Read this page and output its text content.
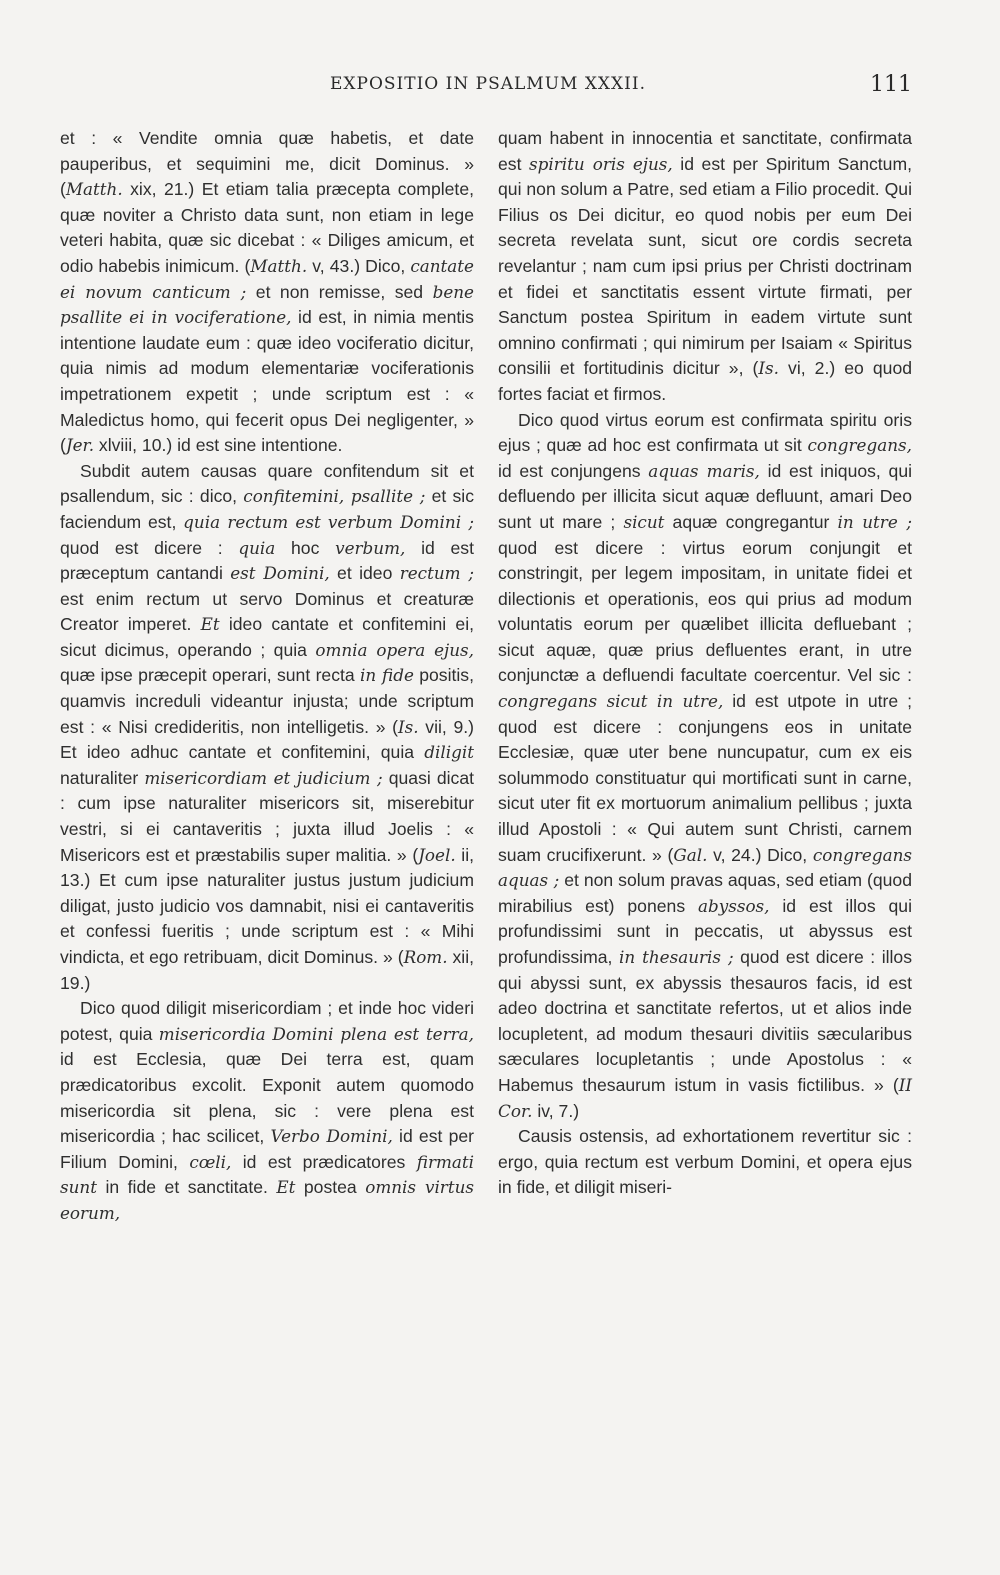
EXPOSITIO IN PSALMUM XXXII.	111

et : « Vendite omnia quæ habetis, et date pauperibus, et sequimini me, dicit Dominus. » (Matth. xix, 21.) Et etiam talia præcepta complete, quæ noviter a Christo data sunt, non etiam in lege veteri habita, quæ sic dicebat : « Diliges amicum, et odio habebis inimicum. (Matth. v, 43.) Dico, cantate ei novum canticum ; et non remisse, sed bene psallite ei in vociferatione, id est, in nimia mentis intentione laudate eum : quæ ideo vociferatio dicitur, quia nimis ad modum elementariæ vociferationis impetrationem expetit ; unde scriptum est : « Maledictus homo, qui fecerit opus Dei negligenter, » (Jer. xlviii, 10.) id est sine intentione.

Subdit autem causas quare confitendum sit et psallendum, sic : dico, confitemini, psallite ; et sic faciendum est, quia rectum est verbum Domini ; quod est dicere : quia hoc verbum, id est præceptum cantandi est Domini, et ideo rectum ; est enim rectum ut servo Dominus et creaturæ Creator imperet. Et ideo cantate et confitemini ei, sicut dicimus, operando ; quia omnia opera ejus, quæ ipse præcepit operari, sunt recta in fide positis, quamvis increduli videantur injusta; unde scriptum est : « Nisi credideritis, non intelligetis. » (Is. vii, 9.) Et ideo adhuc cantate et confitemini, quia diligit naturaliter misericordiam et judicium ; quasi dicat : cum ipse naturaliter misericors sit, miserebitur vestri, si ei cantaveritis ; juxta illud Joelis : « Misericors est et præstabilis super malitia. » (Joel. ii, 13.) Et cum ipse naturaliter justus justum judicium diligat, justo judicio vos damnabit, nisi ei cantaveritis et confessi fueritis ; unde scriptum est : « Mihi vindicta, et ego retribuam, dicit Dominus. » (Rom. xii, 19.)

Dico quod diligit misericordiam ; et inde hoc videri potest, quia misericordia Domini plena est terra, id est Ecclesia, quæ Dei terra est, quam prædicatoribus excolit. Exponit autem quomodo misericordia sit plena, sic : vere plena est misericordia ; hac scilicet, Verbo Domini, id est per Filium Domini, cœli, id est prædicatores firmati sunt in fide et sanctitate. Et postea omnis virtus eorum,

quam habent in innocentia et sanctitate, confirmata est spiritu oris ejus, id est per Spiritum Sanctum, qui non solum a Patre, sed etiam a Filio procedit. Qui Filius os Dei dicitur, eo quod nobis per eum Dei secreta revelata sunt, sicut ore cordis secreta revelantur ; nam cum ipsi prius per Christi doctrinam et fidei et sanctitatis essent virtute firmati, per Sanctum postea Spiritum in eadem virtute sunt omnino confirmati ; qui nimirum per Isaiam « Spiritus consilii et fortitudinis dicitur », (Is. vi, 2.) eo quod fortes faciat et firmos.

Dico quod virtus eorum est confirmata spiritu oris ejus ; quæ ad hoc est confirmata ut sit congregans, id est conjungens aquas maris, id est iniquos, qui defluendo per illicita sicut aquæ defluunt, amari Deo sunt ut mare ; sicut aquæ congregantur in utre ; quod est dicere : virtus eorum conjungit et constringit, per legem impositam, in unitate fidei et dilectionis et operationis, eos qui prius ad modum voluntatis eorum per quælibet illicita defluebant ; sicut aquæ, quæ prius defluentes erant, in utre conjunctæ a defluendi facultate coercentur. Vel sic : congregans sicut in utre, id est utpote in utre ; quod est dicere : conjungens eos in unitate Ecclesiæ, quæ uter bene nuncupatur, cum ex eis solummodo constituatur qui mortificati sunt in carne, sicut uter fit ex mortuorum animalium pellibus ; juxta illud Apostoli : « Qui autem sunt Christi, carnem suam crucifixerunt. » (Gal. v, 24.) Dico, congregans aquas ; et non solum pravas aquas, sed etiam (quod mirabilius est) ponens abyssos, id est illos qui profundissimi sunt in peccatis, ut abyssus est profundissima, in thesauris ; quod est dicere : illos qui abyssi sunt, ex abyssis thesauros facis, id est adeo doctrina et sanctitate refertos, ut et alios inde locupletent, ad modum thesauri divitiis sæcularibus sæculares locupletantis ; unde Apostolus : « Habemus thesaurum istum in vasis fictilibus. » (II Cor. iv, 7.)

Causis ostensis, ad exhortationem revertitur sic : ergo, quia rectum est verbum Domini, et opera ejus in fide, et diligit miseri-
